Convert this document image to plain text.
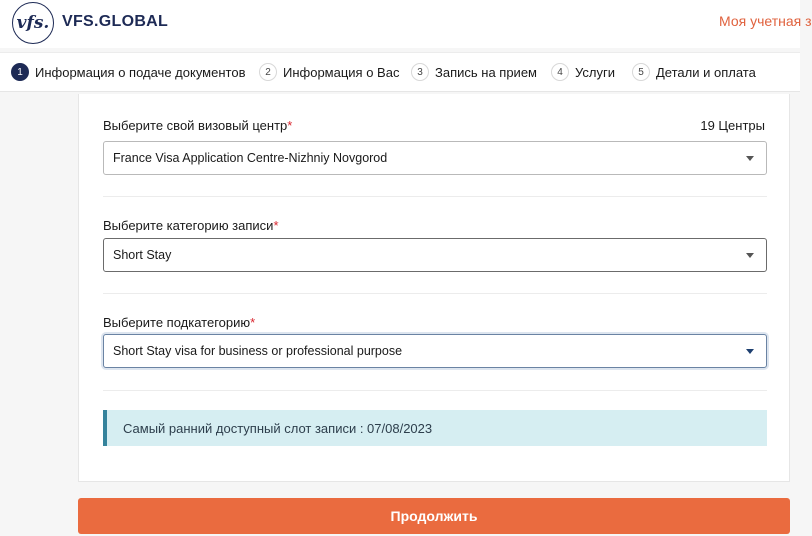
vfs. VFS.GLOBAL	Моя учетная з
1 Информация о подаче документов	2 Информация о Вас	3 Запись на прием	4 Услуги	5 Детали и оплата
Выберите свой визовый центр*	19 Центры
France Visa Application Centre-Nizhniy Novgorod
Выберите категорию записи*
Short Stay
Выберите подкатегорию*
Short Stay visa for business or professional purpose
Самый ранний доступный слот записи : 07/08/2023
Продолжить
